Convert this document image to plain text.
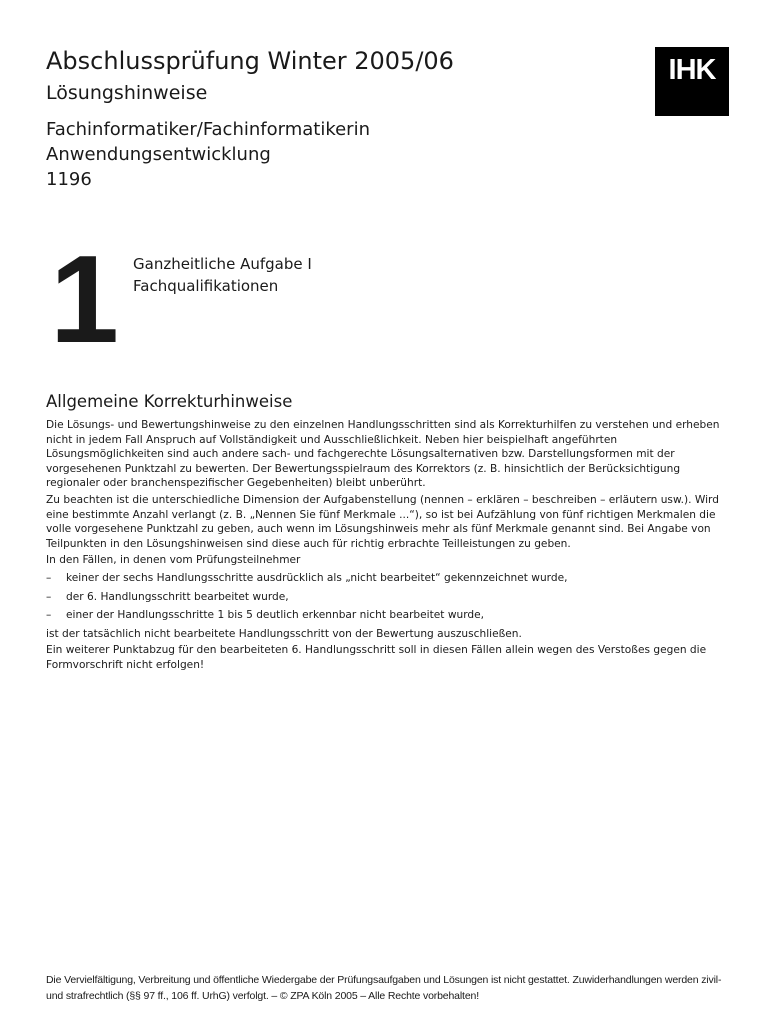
Abschlussprüfung Winter 2005/06
Lösungshinweise
Fachinformatiker/Fachinformatikerin
Anwendungsentwicklung
1196
IHK
1 Ganzheitliche Aufgabe I
Fachqualifikationen
Allgemeine Korrekturhinweise

Die Lösungs- und Bewertungshinweise zu den einzelnen Handlungsschritten sind als Korrekturhilfen zu verstehen und erheben nicht in jedem Fall Anspruch auf Vollständigkeit und Ausschließlichkeit. Neben hier beispielhaft angeführten Lösungsmöglichkeiten sind auch andere sach- und fachgerechte Lösungsalternativen bzw. Darstellungsformen mit der vorgesehenen Punktzahl zu bewerten. Der Bewertungsspielraum des Korrektors (z. B. hinsichtlich der Berücksichtigung regionaler oder branchenspezifischer Gegebenheiten) bleibt unberührt.

Zu beachten ist die unterschiedliche Dimension der Aufgabenstellung (nennen – erklären – beschreiben – erläutern usw.). Wird eine bestimmte Anzahl verlangt (z. B. „Nennen Sie fünf Merkmale ...“), so ist bei Aufzählung von fünf richtigen Merkmalen die volle vorgesehene Punktzahl zu geben, auch wenn im Lösungshinweis mehr als fünf Merkmale genannt sind. Bei Angabe von Teilpunkten in den Lösungshinweisen sind diese auch für richtig erbrachte Teilleistungen zu geben.

In den Fällen, in denen vom Prüfungsteilnehmer

– keiner der sechs Handlungsschritte ausdrücklich als „nicht bearbeitet“ gekennzeichnet wurde,
– der 6. Handlungsschritt bearbeitet wurde,
– einer der Handlungsschritte 1 bis 5 deutlich erkennbar nicht bearbeitet wurde,

ist der tatsächlich nicht bearbeitete Handlungsschritt von der Bewertung auszuschließen.

Ein weiterer Punktabzug für den bearbeiteten 6. Handlungsschritt soll in diesen Fällen allein wegen des Verstoßes gegen die Formvorschrift nicht erfolgen!

Die Vervielfältigung, Verbreitung und öffentliche Wiedergabe der Prüfungsaufgaben und Lösungen ist nicht gestattet. Zuwiderhandlungen werden zivil- und strafrechtlich (§§ 97 ff., 106 ff. UrhG) verfolgt. – © ZPA Köln 2005 – Alle Rechte vorbehalten!
